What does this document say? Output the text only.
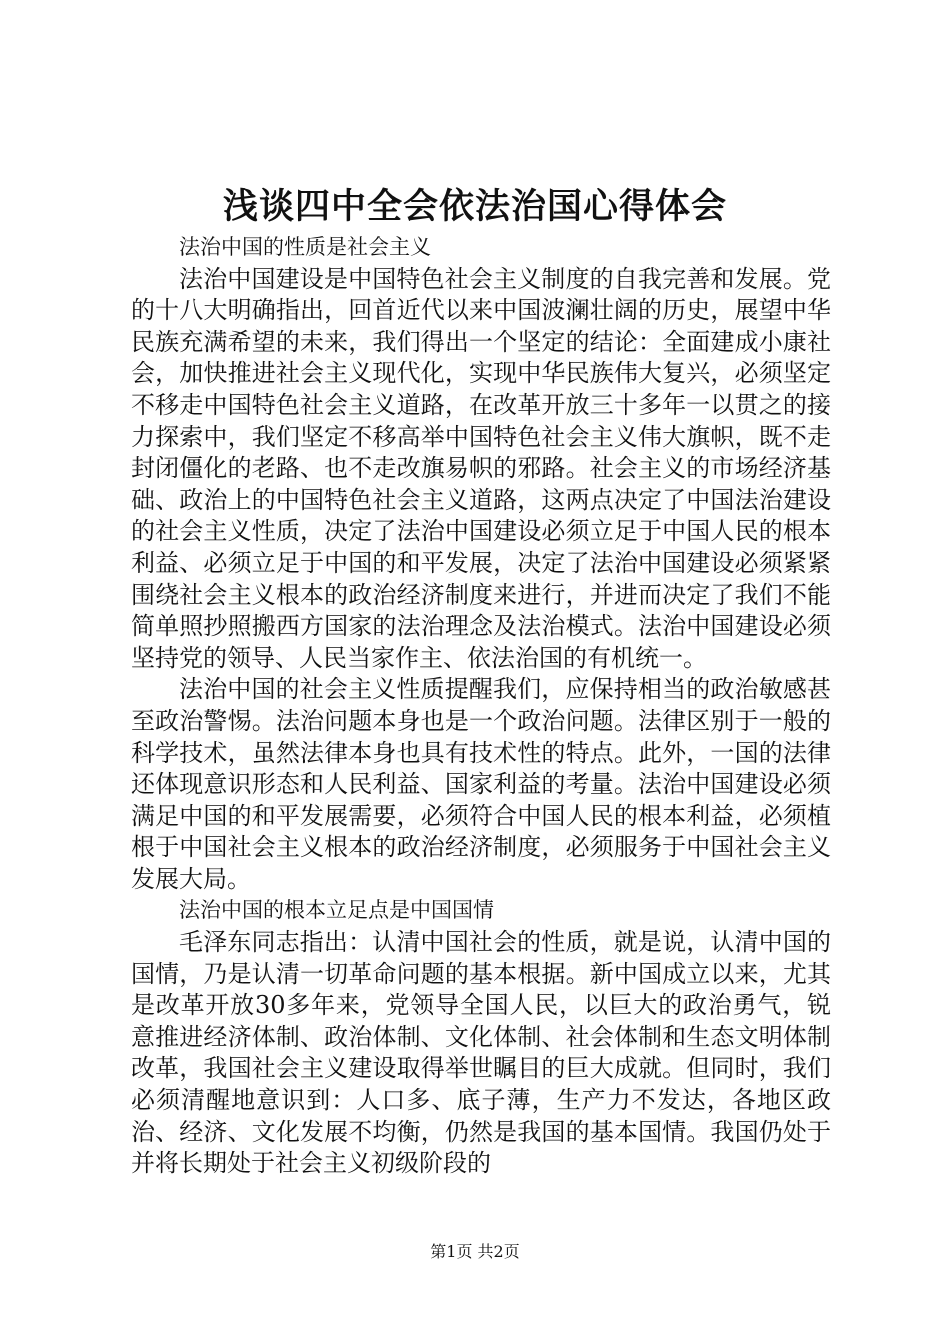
浅谈四中全会依法治国心得体会

法治中国的性质是社会主义

法治中国建设是中国特色社会主义制度的自我完善和发展。党的十八大明确指出，回首近代以来中国波澜壮阔的历史，展望中华民族充满希望的未来，我们得出一个坚定的结论：全面建成小康社会，加快推进社会主义现代化，实现中华民族伟大复兴，必须坚定不移走中国特色社会主义道路，在改革开放三十多年一以贯之的接力探索中，我们坚定不移高举中国特色社会主义伟大旗帜，既不走封闭僵化的老路、也不走改旗易帜的邪路。社会主义的市场经济基础、政治上的中国特色社会主义道路，这两点决定了中国法治建设的社会主义性质，决定了法治中国建设必须立足于中国人民的根本利益、必须立足于中国的和平发展，决定了法治中国建设必须紧紧围绕社会主义根本的政治经济制度来进行，并进而决定了我们不能简单照抄照搬西方国家的法治理念及法治模式。法治中国建设必须坚持党的领导、人民当家作主、依法治国的有机统一。

法治中国的社会主义性质提醒我们，应保持相当的政治敏感甚至政治警惕。法治问题本身也是一个政治问题。法律区别于一般的科学技术，虽然法律本身也具有技术性的特点。此外，一国的法律还体现意识形态和人民利益、国家利益的考量。法治中国建设必须满足中国的和平发展需要，必须符合中国人民的根本利益，必须植根于中国社会主义根本的政治经济制度，必须服务于中国社会主义发展大局。

法治中国的根本立足点是中国国情

毛泽东同志指出：认清中国社会的性质，就是说，认清中国的国情，乃是认清一切革命问题的基本根据。新中国成立以来，尤其是改革开放30多年来，党领导全国人民，以巨大的政治勇气，锐意推进经济体制、政治体制、文化体制、社会体制和生态文明体制改革，我国社会主义建设取得举世瞩目的巨大成就。但同时，我们必须清醒地意识到：人口多、底子薄，生产力不发达，各地区政治、经济、文化发展不均衡，仍然是我国的基本国情。我国仍处于并将长期处于社会主义初级阶段的

第1页 共2页
